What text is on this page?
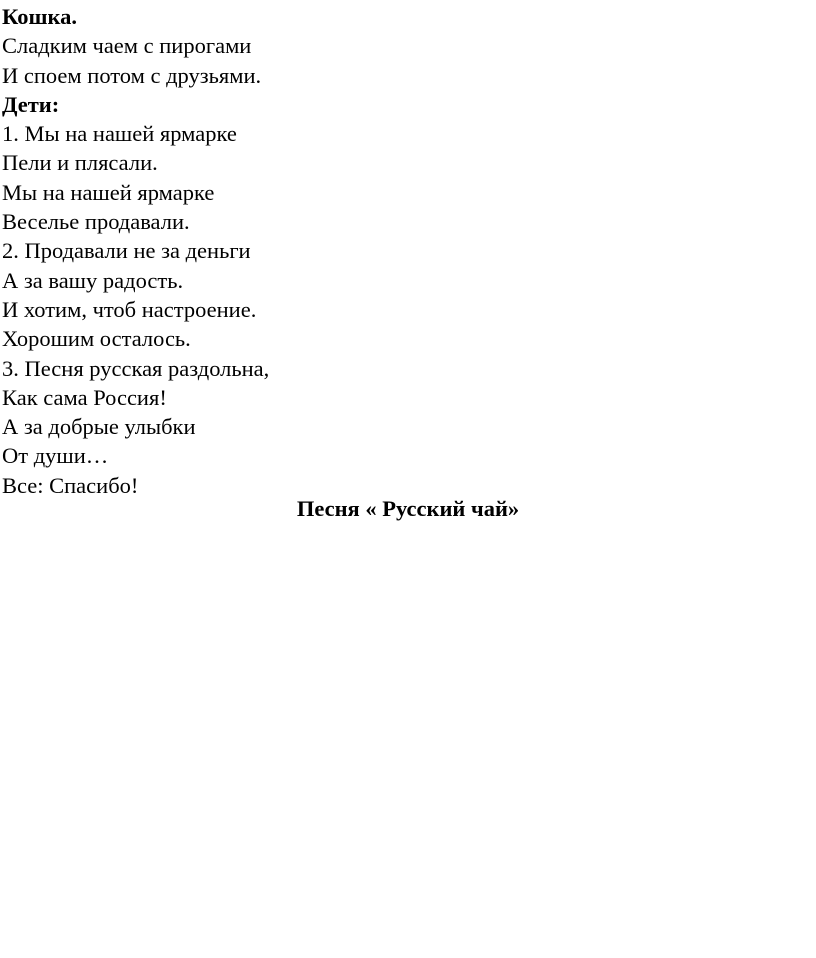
Кошка.
Сладким чаем с пирогами
И споем потом с друзьями.
Дети:
1. Мы на нашей ярмарке
Пели и плясали.
Мы на нашей ярмарке
Веселье продавали.
2. Продавали не за деньги
А за вашу радость.
И хотим, чтоб настроение.
Хорошим осталось.
3. Песня русская раздольна,
Как сама Россия!
А за добрые улыбки
От души…
Все: Спасибо!
Песня « Русский чай»
